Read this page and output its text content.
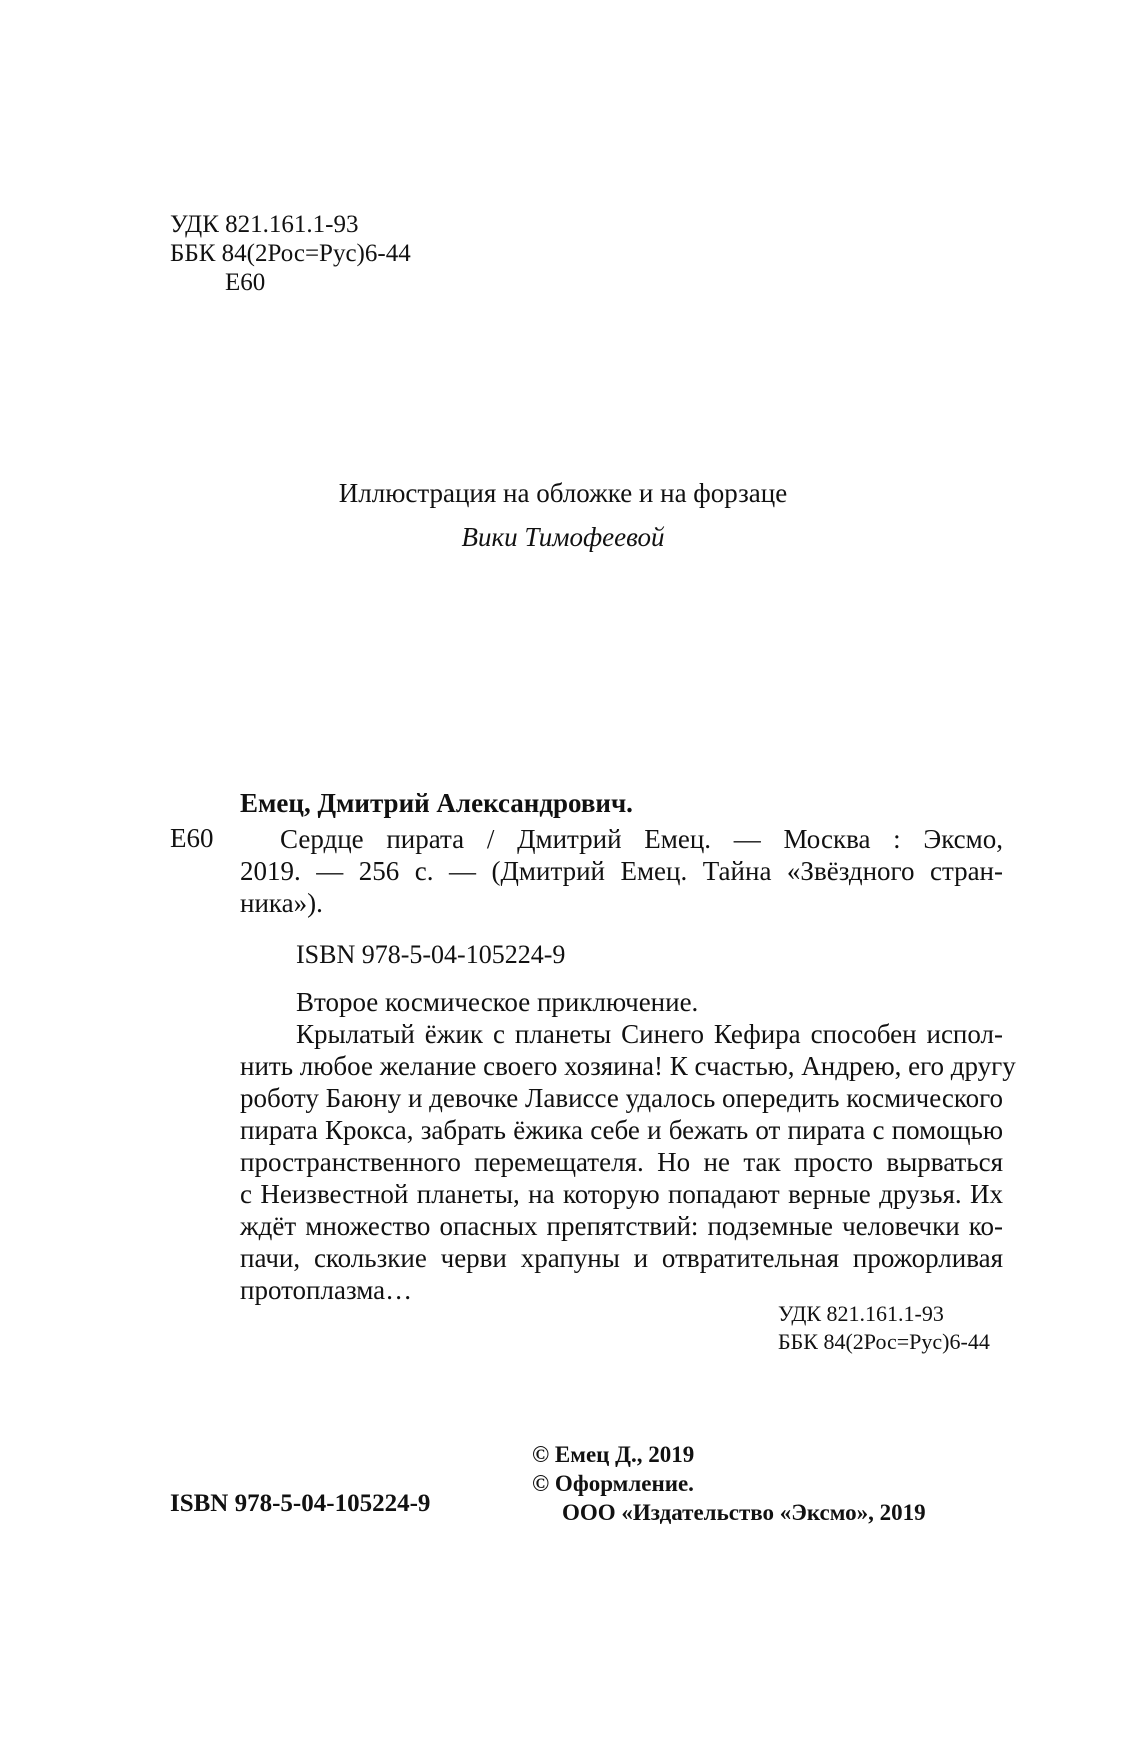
УДК 821.161.1-93
ББК 84(2Рос=Рус)6-44
Е60
Иллюстрация на обложке и на форзаце
Вики Тимофеевой
Емец, Дмитрий Александрович.
Е60	Сердце пирата / Дмитрий Емец. — Москва : Эксмо,
2019. — 256 с. — (Дмитрий Емец. Тайна «Звёздного стран-
ника»).
ISBN 978-5-04-105224-9
Второе космическое приключение.
Крылатый ёжик с планеты Синего Кефира способен испол-
нить любое желание своего хозяина! К счастью, Андрею, его другу
роботу Баюну и девочке Лависсе удалось опередить космического
пирата Крокса, забрать ёжика себе и бежать от пирата с помощью
пространственного перемещателя. Но не так просто вырваться
с Неизвестной планеты, на которую попадают верные друзья. Их
ждёт множество опасных препятствий: подземные человечки ко-
пачи, скользкие черви храпуны и отвратительная прожорливая
протоплазма…
УДК 821.161.1-93
ББК 84(2Рос=Рус)6-44
ISBN 978-5-04-105224-9
© Емец Д., 2019
© Оформление.
ООО «Издательство «Эксмо», 2019
